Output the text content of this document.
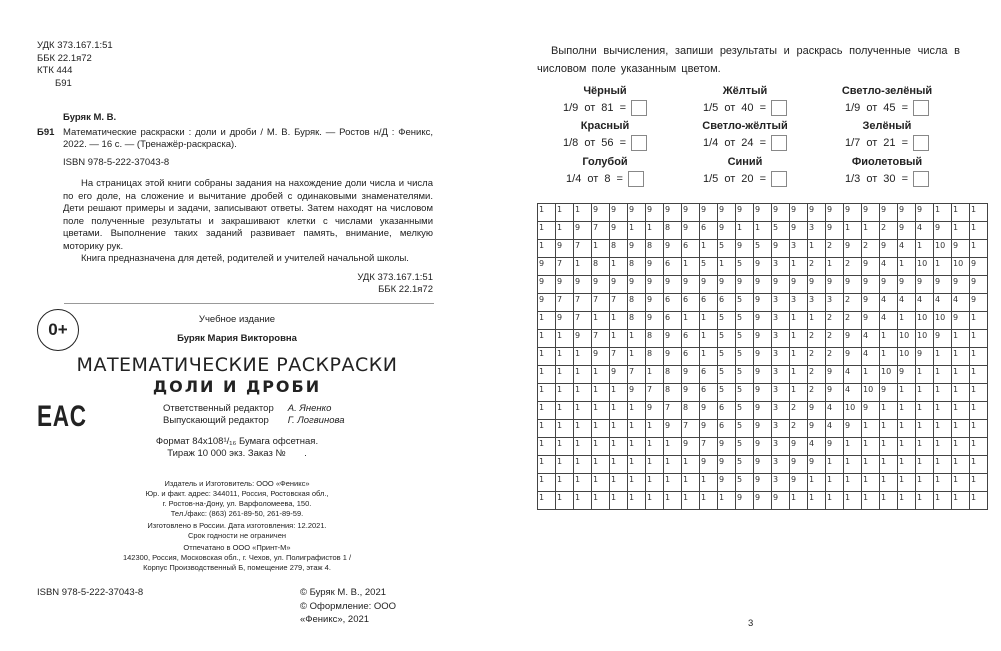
УДК 373.167.1:51
ББК 22.1я72
КТК 444
Б91
Буряк М. В.
Б91 Математические раскраски : доли и дроби / М. В. Буряк. — Ростов н/Д : Феникс, 2022. — 16 с. — (Тренажёр-раскраска).
ISBN 978-5-222-37043-8

На страницах этой книги собраны задания на нахождение доли числа и числа по его доле, на сложение и вычитание дробей с одинаковыми знаменателями. Дети решают примеры и задачи, записывают ответы. Затем находят на числовом поле полученные результаты и закрашивают клетки с числами указанными цветами. Выполнение таких заданий развивает память, внимание, мелкую моторику рук.

Книга предназначена для детей, родителей и учителей начальной школы.

УДК 373.167.1:51
ББК 22.1я72
Учебное издание
Буряк Мария Викторовна
МАТЕМАТИЧЕСКИЕ РАСКРАСКИ
ДОЛИ И ДРОБИ
Ответственный редактор А. Яненко
Выпускающий редактор	Г. Логвинова
Формат 84x108¹/₁₆ Бумага офсетная.
Тираж 10 000 экз. Заказ №       .
Издатель и Изготовитель: ООО «Феникс»
Юр. и факт. адрес: 344011, Россия, Ростовская обл.,
г. Ростов-на-Дону, ул. Варфоломеева, 150.
Тел./факс: (863) 261-89-50, 261-89-59.
Изготовлено в России. Дата изготовления: 12.2021.
Срок годности не ограничен
Отпечатано в ООО «Принт-М»
142300, Россия, Московская обл., г. Чехов, ул. Полиграфистов 1 /
Корпус Производственный Б, помещение 279, этаж 4.
ISBN 978-5-222-37043-8	© Буряк М. В., 2021
© Оформление: ООО «Феникс», 2021
0+
EAC
Выполни вычисления, запиши результаты и раскрась полученные числа в числовом поле указанным цветом.
Чёрный
1/9 от 81 =
Жёлтый
1/5 от 40 =
Светло-зелёный
1/9 от 45 =
Красный
1/8 от 56 =
Светло-жёлтый
1/4 от 24 =
Зелёный
1/7 от 21 =
Голубой
1/4 от 8 =
Синий
1/5 от 20 =
Фиолетовый
1/3 от 30 =
1	1	1	9	9	9	9	9	9	9	9	9	9	9	9	9	9	9	9	9	9	9	1	1	1
1	1	9	7	9	1	1	8	9	6	9	1	1	5	9	3	9	1	1	2	9	4	9	1	1
1	9	7	1	8	9	8	9	6	1	5	9	5	9	3	1	2	9	2	9	4	1	10	9	1
9	7	1	8	1	8	9	6	1	5	1	5	9	3	1	2	1	2	9	4	1	10	1	10	9
9	9	9	9	9	9	9	9	9	9	9	9	9	9	9	9	9	9	9	9	9	9	9	9	9
9	7	7	7	7	8	9	6	6	6	6	5	9	3	3	3	3	2	9	4	4	4	4	4	9
1	9	7	1	1	8	9	6	1	1	5	5	9	3	1	1	2	2	9	4	1	10	10	9	1
1	1	9	7	1	1	8	9	6	1	5	5	9	3	1	2	2	9	4	1	10	10	9	1	1
1	1	1	9	7	1	8	9	6	1	5	5	9	3	1	2	2	9	4	1	10	9	1	1	1
1	1	1	1	9	7	1	8	9	6	5	5	9	3	1	2	9	4	1	10	9	1	1	1	1
1	1	1	1	1	9	7	8	9	6	5	5	9	3	1	2	9	4	10	9	1	1	1	1	1
1	1	1	1	1	1	9	7	8	9	6	5	9	3	2	9	4	10	9	1	1	1	1	1	1
1	1	1	1	1	1	1	9	7	9	6	5	9	3	2	9	4	9	1	1	1	1	1	1	1
1	1	1	1	1	1	1	1	9	7	9	5	9	3	9	4	9	1	1	1	1	1	1	1	1
1	1	1	1	1	1	1	1	1	9	9	5	9	3	9	9	1	1	1	1	1	1	1	1	1
1	1	1	1	1	1	1	1	1	1	9	5	9	3	9	1	1	1	1	1	1	1	1	1	1
1	1	1	1	1	1	1	1	1	1	1	9	9	9	1	1	1	1	1	1	1	1	1	1	1
3
